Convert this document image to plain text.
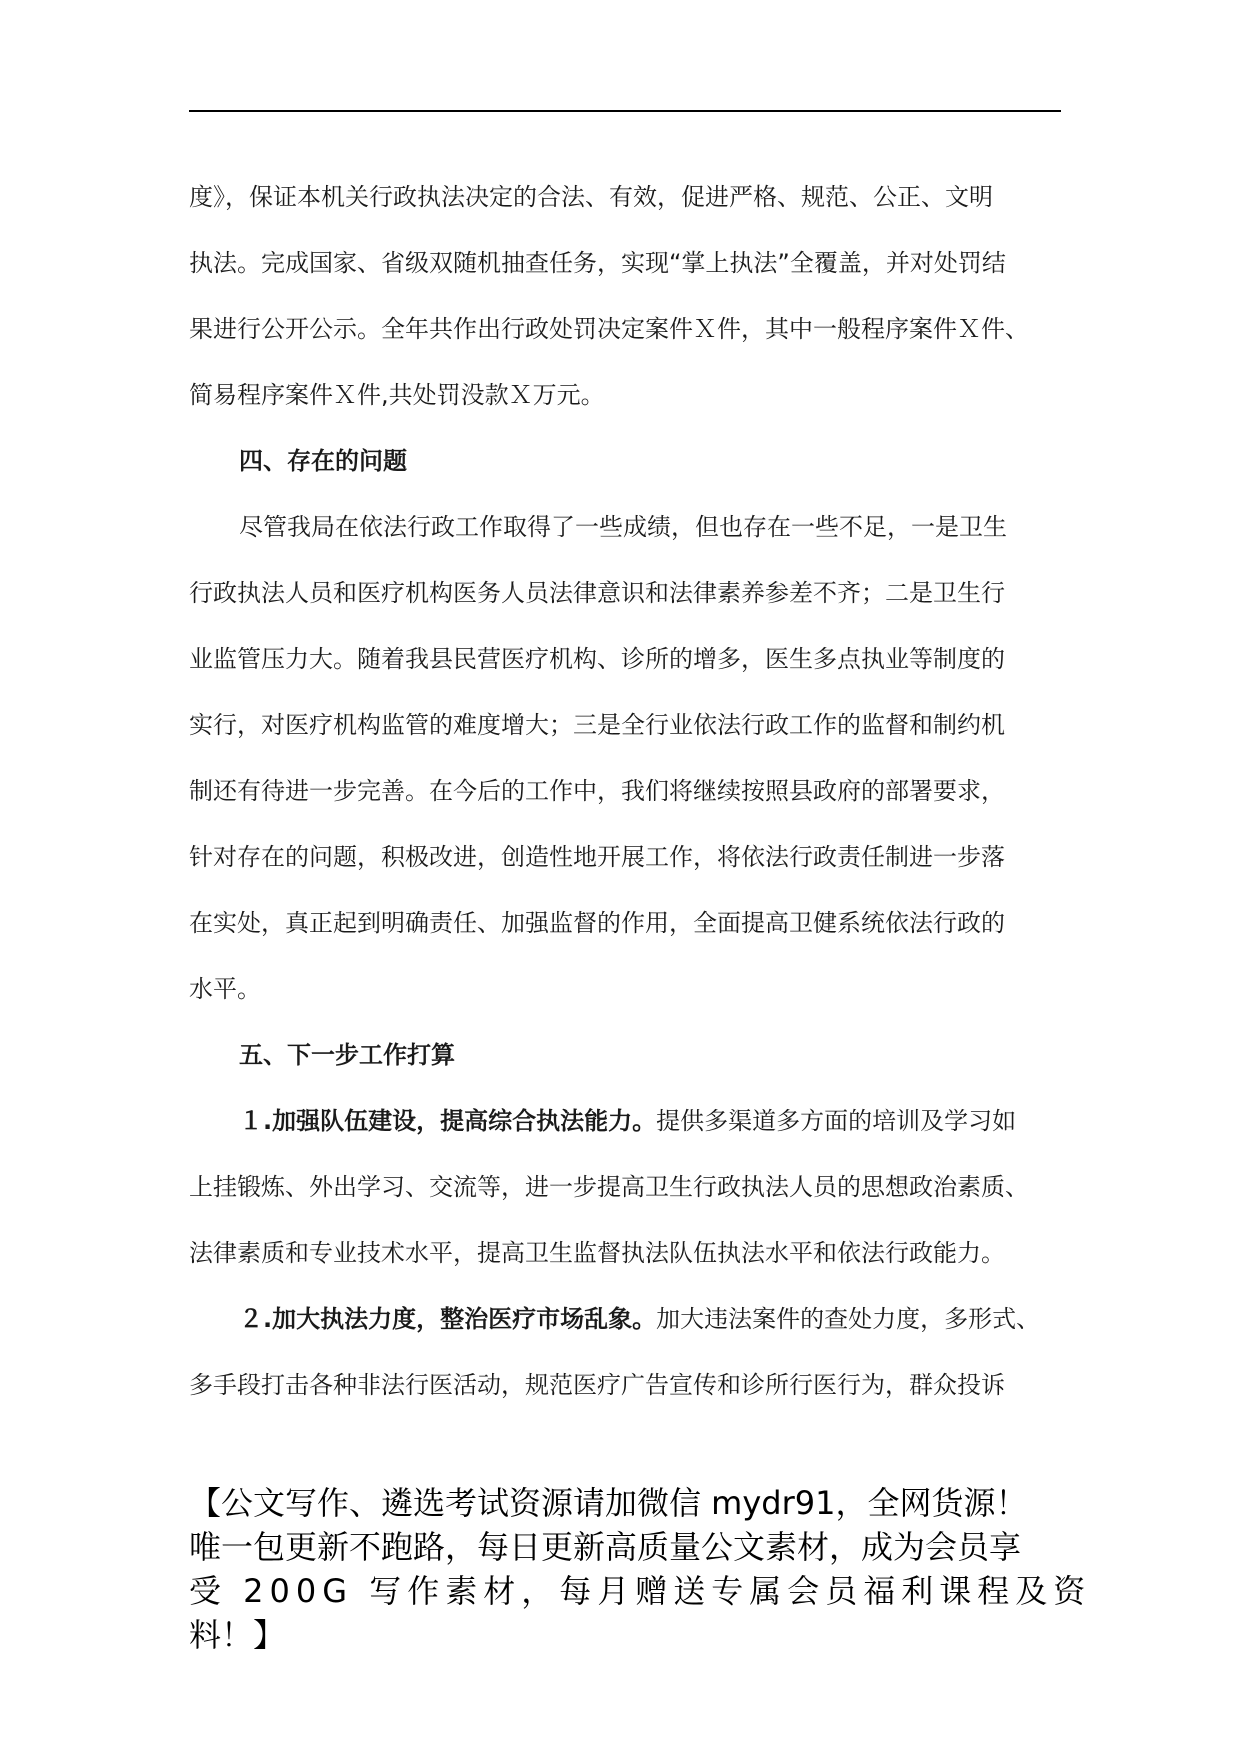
度》，保证本机关行政执法决定的合法、有效，促进严格、规范、公正、文明
执法。完成国家、省级双随机抽查任务，实现“掌上执法”全覆盖，并对处罚结
果进行公开公示。全年共作出行政处罚决定案件Ｘ件，其中一般程序案件Ｘ件、
简易程序案件Ｘ件,共处罚没款Ｘ万元。
四、存在的问题
尽管我局在依法行政工作取得了一些成绩，但也存在一些不足，一是卫生
行政执法人员和医疗机构医务人员法律意识和法律素养参差不齐；二是卫生行
业监管压力大。随着我县民营医疗机构、诊所的增多，医生多点执业等制度的
实行，对医疗机构监管的难度增大；三是全行业依法行政工作的监督和制约机
制还有待进一步完善。在今后的工作中，我们将继续按照县政府的部署要求，
针对存在的问题，积极改进，创造性地开展工作，将依法行政责任制进一步落
在实处，真正起到明确责任、加强监督的作用，全面提高卫健系统依法行政的
水平。
五、下一步工作打算
１.加强队伍建设，提高综合执法能力。提供多渠道多方面的培训及学习如
上挂锻炼、外出学习、交流等，进一步提高卫生行政执法人员的思想政治素质、
法律素质和专业技术水平，提高卫生监督执法队伍执法水平和依法行政能力。
２.加大执法力度，整治医疗市场乱象。加大违法案件的查处力度，多形式、
多手段打击各种非法行医活动，规范医疗广告宣传和诊所行医行为，群众投诉
【公文写作、遴选考试资源请加微信 mydr91，全网货源！
唯一包更新不跑路，每日更新高质量公文素材，成为会员享
受 200G 写作素材，每月赠送专属会员福利课程及资
料！】
